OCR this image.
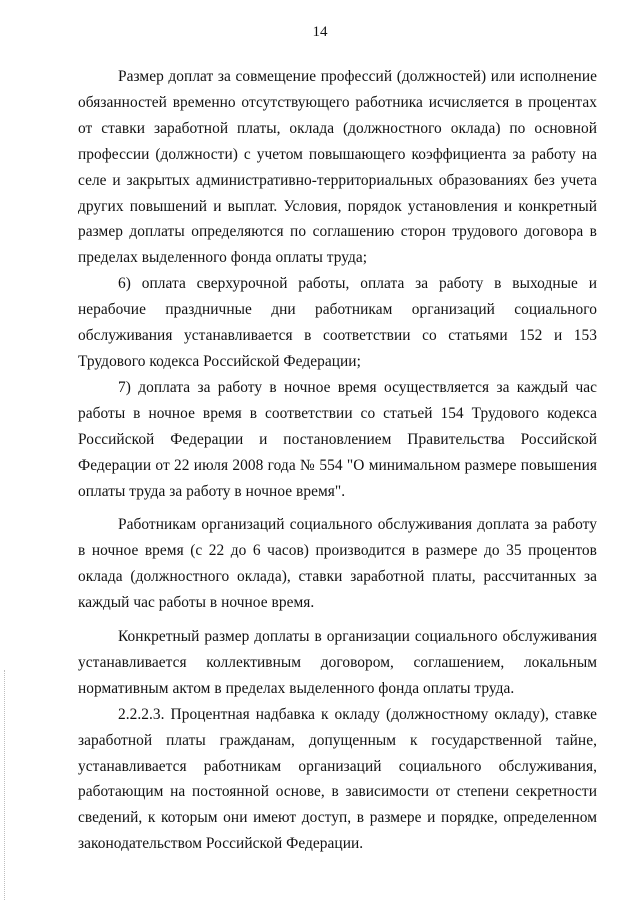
14

Размер доплат за совмещение профессий (должностей) или исполнение обязанностей временно отсутствующего работника исчисляется в процентах от ставки заработной платы, оклада (должностного оклада) по основной профессии (должности) с учетом повышающего коэффициента за работу на селе и закрытых административно-территориальных образованиях без учета других повышений и выплат. Условия, порядок установления и конкретный размер доплаты определяются по соглашению сторон трудового договора в пределах выделенного фонда оплаты труда;

6) оплата сверхурочной работы, оплата за работу в выходные и нерабочие праздничные дни работникам организаций социального обслуживания устанавливается в соответствии со статьями 152 и 153 Трудового кодекса Российской Федерации;

7) доплата за работу в ночное время осуществляется за каждый час работы в ночное время в соответствии со статьей 154 Трудового кодекса Российской Федерации и постановлением Правительства Российской Федерации от 22 июля 2008 года № 554 "О минимальном размере повышения оплаты труда за работу в ночное время".

Работникам организаций социального обслуживания доплата за работу в ночное время (с 22 до 6 часов) производится в размере до 35 процентов оклада (должностного оклада), ставки заработной платы, рассчитанных за каждый час работы в ночное время.

Конкретный размер доплаты в организации социального обслуживания устанавливается коллективным договором, соглашением, локальным нормативным актом в пределах выделенного фонда оплаты труда.

2.2.2.3. Процентная надбавка к окладу (должностному окладу), ставке заработной платы гражданам, допущенным к государственной тайне, устанавливается работникам организаций социального обслуживания, работающим на постоянной основе, в зависимости от степени секретности сведений, к которым они имеют доступ, в размере и порядке, определенном законодательством Российской Федерации.
